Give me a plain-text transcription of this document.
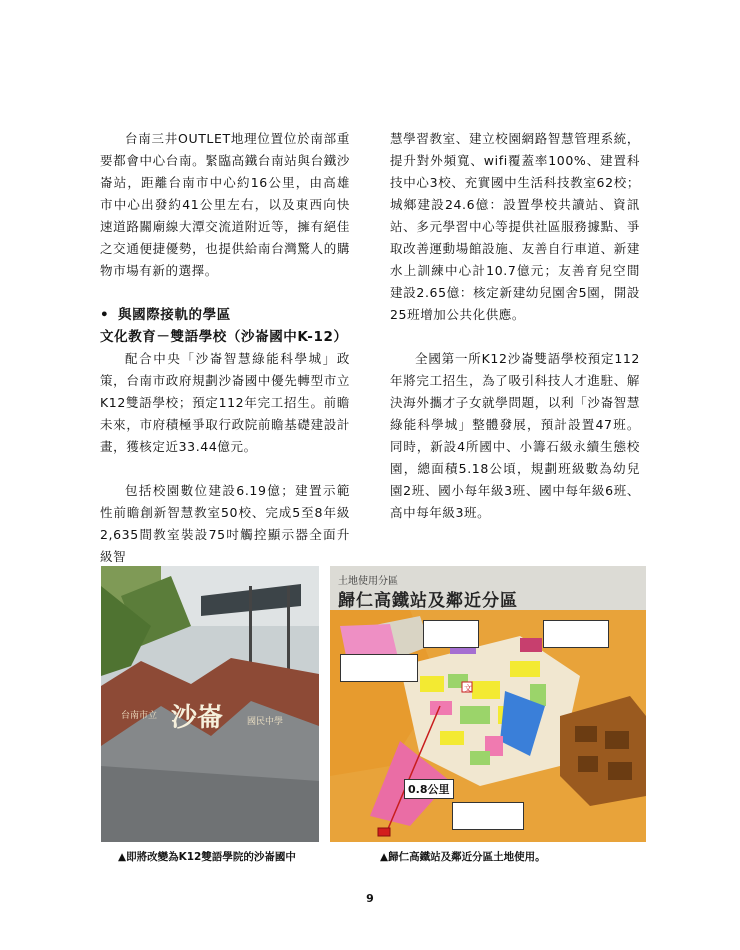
台南三井OUTLET地理位置位於南部重要都會中心台南。緊臨高鐵台南站與台鐵沙崙站，距離台南市中心約16公里，由高雄市中心出發約41公里左右，以及東西向快速道路關廟線大潭交流道附近等，擁有絕佳之交通便捷優勢，也提供給南台灣驚人的購物市場有新的選擇。

• 與國際接軌的學區

文化教育－雙語學校（沙崙國中K-12）

配合中央「沙崙智慧綠能科學城」政策，台南市政府規劃沙崙國中優先轉型市立K12雙語學校；預定112年完工招生。前瞻未來，市府積極爭取行政院前瞻基礎建設計畫，獲核定近33.44億元。

包括校園數位建設6.19億；建置示範性前瞻創新智慧教室50校、完成5至8年級2,635間教室裝設75吋觸控顯示器全面升級智

慧學習教室、建立校園網路智慧管理系統，提升對外頻寬、wifi覆蓋率100%、建置科技中心3校、充實國中生活科技教室62校；城鄉建設24.6億：設置學校共讀站、資訊站、多元學習中心等提供社區服務據點、爭取改善運動場館設施、友善自行車道、新建水上訓練中心計10.7億元；友善育兒空間建設2.65億：核定新建幼兒園舍5園，開設25班增加公共化供應。

全國第一所K12沙崙雙語學校預定112年將完工招生，為了吸引科技人才進駐、解決海外攜才子女就學問題，以利「沙崙智慧綠能科學城」整體發展，預計設置47班。同時，新設4所國中、小籌石級永續生態校園，總面積5.18公頃，規劃班級數為幼兒園2班、國小每年級3班、國中每年級6班、高中每年級3班。

台南市立 沙崙	國民中學
文
土地使用分區
歸仁高鐵站及鄰近分區
0.8公里
▲即將改變為K12雙語學院的沙崙國中	▲歸仁高鐵站及鄰近分區土地使用。
9
